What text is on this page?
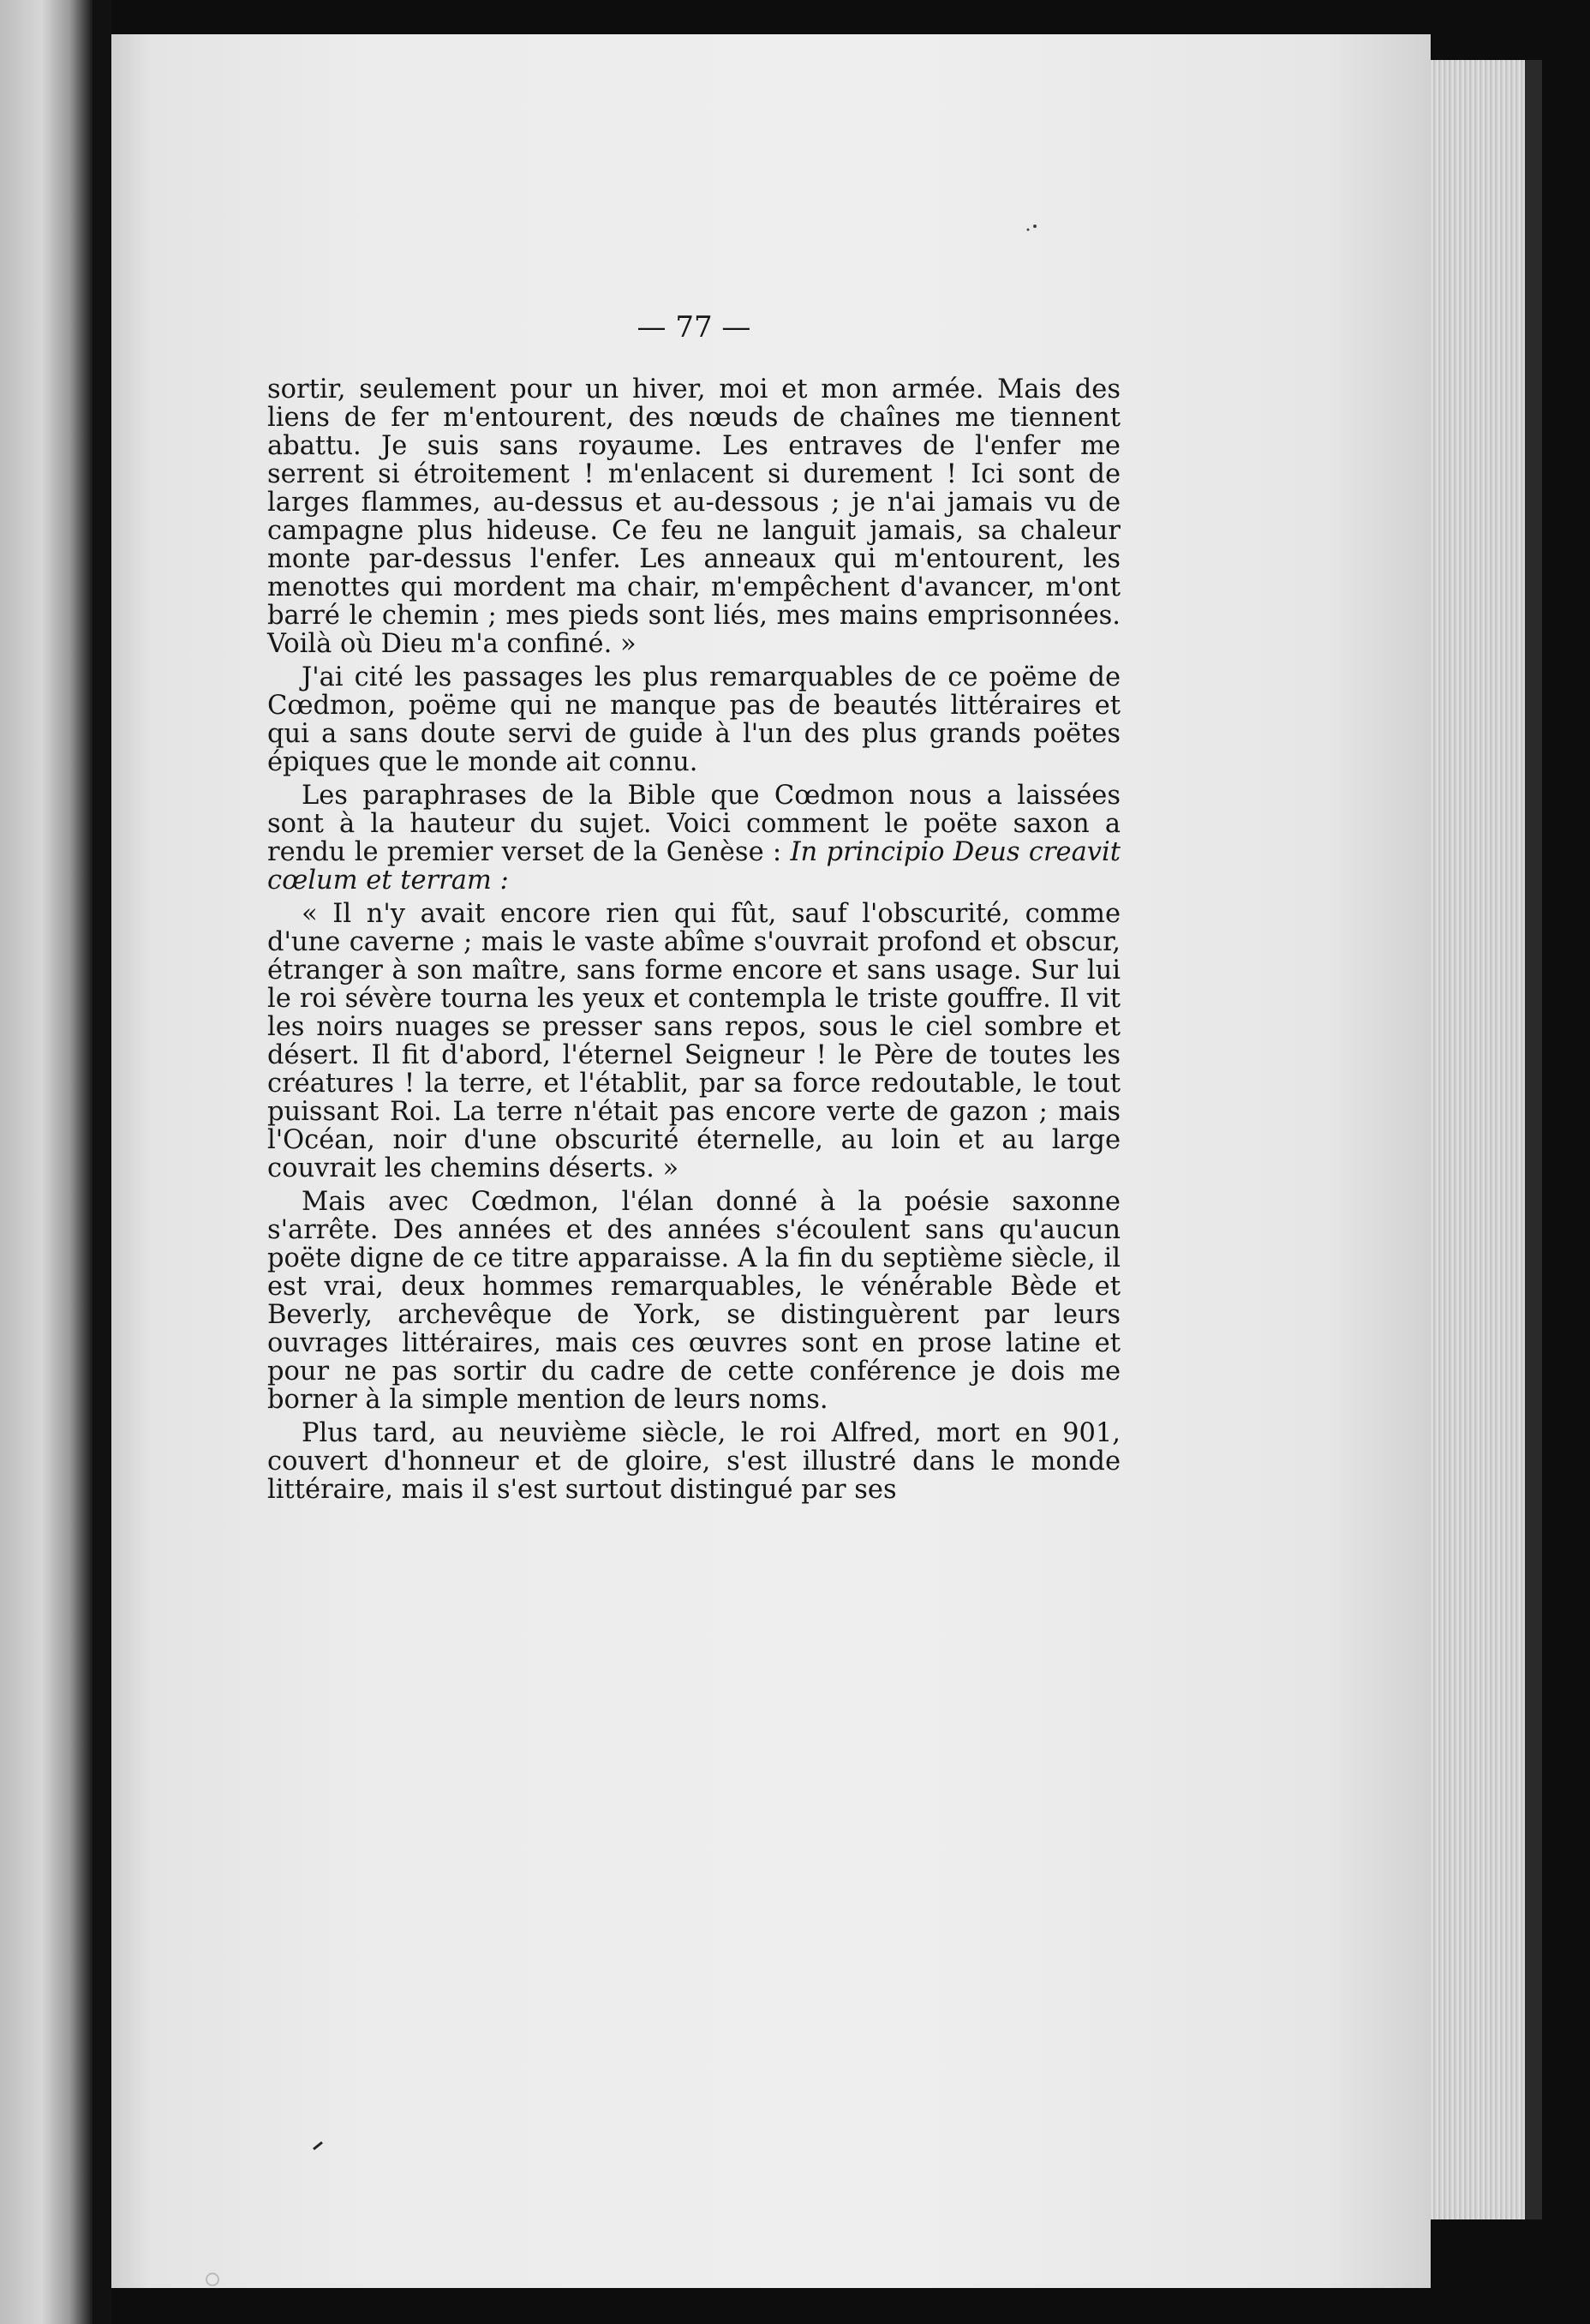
— 77 —

sortir, seulement pour un hiver, moi et mon armée. Mais des liens de fer m'entourent, des nœuds de chaînes me tiennent abattu. Je suis sans royaume. Les entraves de l'enfer me serrent si étroitement ! m'enlacent si durement ! Ici sont de larges flammes, au-dessus et au-dessous ; je n'ai jamais vu de campagne plus hideuse. Ce feu ne languit jamais, sa chaleur monte par-dessus l'enfer. Les anneaux qui m'entourent, les menottes qui mordent ma chair, m'empêchent d'avancer, m'ont barré le chemin ; mes pieds sont liés, mes mains emprisonnées. Voilà où Dieu m'a confiné. »

J'ai cité les passages les plus remarquables de ce poëme de Cœdmon, poëme qui ne manque pas de beautés littéraires et qui a sans doute servi de guide à l'un des plus grands poëtes épiques que le monde ait connu.

Les paraphrases de la Bible que Cœdmon nous a laissées sont à la hauteur du sujet. Voici comment le poëte saxon a rendu le premier verset de la Genèse : In principio Deus creavit cœlum et terram :

« Il n'y avait encore rien qui fût, sauf l'obscurité, comme d'une caverne ; mais le vaste abîme s'ouvrait profond et obscur, étranger à son maître, sans forme encore et sans usage. Sur lui le roi sévère tourna les yeux et contempla le triste gouffre. Il vit les noirs nuages se presser sans repos, sous le ciel sombre et désert. Il fit d'abord, l'éternel Seigneur ! le Père de toutes les créatures ! la terre, et l'établit, par sa force redoutable, le tout puissant Roi. La terre n'était pas encore verte de gazon ; mais l'Océan, noir d'une obscurité éternelle, au loin et au large couvrait les chemins déserts. »

Mais avec Cœdmon, l'élan donné à la poésie saxonne s'arrête. Des années et des années s'écoulent sans qu'aucun poëte digne de ce titre apparaisse. A la fin du septième siècle, il est vrai, deux hommes remarquables, le vénérable Bède et Beverly, archevêque de York, se distinguèrent par leurs ouvrages littéraires, mais ces œuvres sont en prose latine et pour ne pas sortir du cadre de cette conférence je dois me borner à la simple mention de leurs noms.

Plus tard, au neuvième siècle, le roi Alfred, mort en 901, couvert d'honneur et de gloire, s'est illustré dans le monde littéraire, mais il s'est surtout distingué par ses
